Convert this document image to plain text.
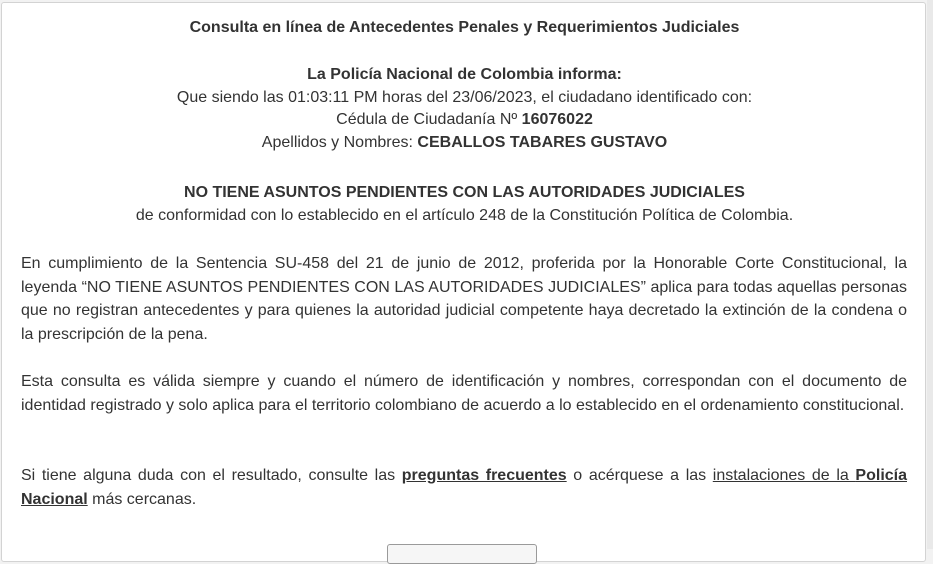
Consulta en línea de Antecedentes Penales y Requerimientos Judiciales
La Policía Nacional de Colombia informa:
Que siendo las 01:03:11 PM horas del 23/06/2023, el ciudadano identificado con:
Cédula de Ciudadanía Nº 16076022
Apellidos y Nombres: CEBALLOS TABARES GUSTAVO
NO TIENE ASUNTOS PENDIENTES CON LAS AUTORIDADES JUDICIALES
de conformidad con lo establecido en el artículo 248 de la Constitución Política de Colombia.
En cumplimiento de la Sentencia SU-458 del 21 de junio de 2012, proferida por la Honorable Corte Constitucional, la leyenda “NO TIENE ASUNTOS PENDIENTES CON LAS AUTORIDADES JUDICIALES” aplica para todas aquellas personas que no registran antecedentes y para quienes la autoridad judicial competente haya decretado la extinción de la condena o la prescripción de la pena.
Esta consulta es válida siempre y cuando el número de identificación y nombres, correspondan con el documento de identidad registrado y solo aplica para el territorio colombiano de acuerdo a lo establecido en el ordenamiento constitucional.
Si tiene alguna duda con el resultado, consulte las preguntas frecuentes o acérquese a las instalaciones de la Policía Nacional más cercanas.
